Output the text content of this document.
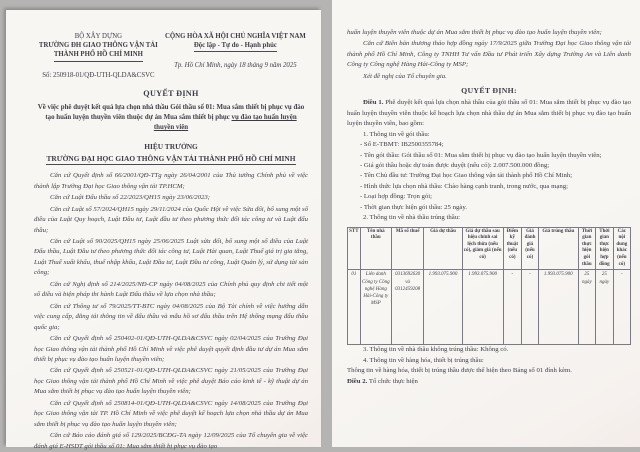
BỘ XÂY DỰNG
TRƯỜNG ĐH GIAO THÔNG VẬN TẢI
THÀNH PHỐ HỒ CHÍ MINH
Số: 250918-01/QĐ-UTH-QLDA&CSVC
CỘNG HÒA XÃ HỘI CHỦ NGHĨA VIỆT NAM
Độc lập - Tự do - Hạnh phúc
Tp. Hồ Chí Minh, ngày 18 tháng 9 năm 2025
QUYẾT ĐỊNH
Về việc phê duyệt kết quả lựa chọn nhà thầu Gói thầu số 01: Mua sắm thiết bị phục vụ đào tạo huấn luyện thuyền viên thuộc dự án Mua sắm thiết bị phục vụ đào tạo huấn luyện thuyền viên
HIỆU TRƯỞNG
TRƯỜNG ĐẠI HỌC GIAO THÔNG VẬN TẢI THÀNH PHỐ HỒ CHÍ MINH

Căn cứ Quyết định số 66/2001/QĐ-TTg ngày 26/04/2001 của Thủ tướng Chính phủ về việc thành lập Trường Đại học Giao thông vận tải TP.HCM;

Căn cứ Luật Đấu thầu số 22/2023/QH15 ngày 23/06/2023;

Căn cứ Luật số 57/2024/QH15 ngày 29/11/2024 của Quốc Hội về việc Sửa đổi, bổ sung một số điều của Luật Quy hoạch, Luật Đầu tư, Luật đầu tư theo phương thức đối tác công tư và Luật đấu thầu;

Căn cứ Luật số 90/2025/QH15 ngày 25/06/2025 Luật sửa đổi, bổ sung một số điều của Luật Đấu thầu, Luật Đầu tư theo phương thức đối tác công tư, Luật Hải quan, Luật Thuế giá trị gia tăng, Luật Thuế xuất khẩu, thuế nhập khẩu, Luật Đầu tư, Luật Đầu tư công, Luật Quản lý, sử dụng tài sản công;

Căn cứ Nghị định số 214/2025/NĐ-CP ngày 04/08/2025 của Chính phủ quy định chi tiết một số điều và biện pháp thi hành Luật Đấu thầu về lựa chọn nhà thầu;

Căn cứ Thông tư số 79/2025/TT-BTC ngày 04/08/2025 của Bộ Tài chính về việc hướng dẫn việc cung cấp, đăng tải thông tin về đấu thầu và mẫu hồ sơ đấu thầu trên Hệ thống mạng đấu thầu quốc gia;

Căn cứ Quyết định số 250402-01/QĐ-UTH-QLDA&CSVC ngày 02/04/2025 của Trường Đại học Giao thông vận tải thành phố Hồ Chí Minh về việc phê duyệt quyết định đầu tư dự án Mua sắm thiết bị phục vụ đào tạo huấn luyện thuyền viên;

Căn cứ Quyết định số 250521-01/QĐ-UTH-QLDA&CSVC ngày 21/05/2025 của Trường Đại học Giao thông vận tải thành phố Hồ Chí Minh về việc phê duyệt Báo cáo kinh tế - kỹ thuật dự án Mua sắm thiết bị phục vụ đào tạo huấn luyện thuyền viên;

Căn cứ Quyết định số 250814-01/QĐ-UTH-QLDA&CSVC ngày 14/08/2025 của Trường Đại học Giao thông vận tải TP. Hồ Chí Minh về việc phê duyệt kế hoạch lựa chọn nhà thầu dự án Mua sắm thiết bị phục vụ đào tạo huấn luyện thuyền viên;

Căn cứ Báo cáo đánh giá số 129/2025/BCĐG-TA ngày 12/09/2025 của Tổ chuyên gia về việc đánh giá E-HSDT gói thầu số 01: Mua sắm thiết bị phục vụ đào tạo

huấn luyện thuyền viên thuộc dự án Mua sắm thiết bị phục vụ đào tạo huấn luyện thuyền viên;

Căn cứ Biên bản thương thảo hợp đồng ngày 17/9/2025 giữa Trường Đại học Giao thông vận tải thành phố Hồ Chí Minh, Công ty TNHH Tư vấn Đầu tư Phát triển Xây dựng Trường An và Liên danh Công ty Công nghệ Hàng Hải-Công ty MSP;

Xét đề nghị của Tổ chuyên gia.

QUYẾT ĐỊNH:

Điều 1. Phê duyệt kết quả lựa chọn nhà thầu của gói thầu số 01: Mua sắm thiết bị phục vụ đào tạo huấn luyện thuyền viên thuộc kế hoạch lựa chọn nhà thầu dự án Mua sắm thiết bị phục vụ đào tạo huấn luyện thuyền viên, bao gồm:

1. Thông tin về gói thầu:

- Số E-TBMT: IB2500355784;

- Tên gói thầu: Gói thầu số 01: Mua sắm thiết bị phục vụ đào tạo huấn luyện thuyền viên;

- Giá gói thầu hoặc dự toán được duyệt (nếu có): 2.007.500.000 đồng;

- Tên Chủ đầu tư: Trường Đại học Giao thông vận tải thành phố Hồ Chí Minh;

- Hình thức lựa chọn nhà thầu: Chào hàng cạnh tranh, trong nước, qua mạng;

- Loại hợp đồng: Trọn gói;

- Thời gian thực hiện gói thầu: 25 ngày.

2. Thông tin về nhà thầu trúng thầu:

STT	Tên nhà thầu	Mã số thuế	Giá dự thầu	Giá dự thầu sau hiệu chỉnh sai lệch thừa (nếu có), giảm giá (nếu có)	Điểm kỹ thuật (nếu có)	Giá đánh giá (nếu có)	Giá trúng thầu	Thời gian thực hiện gói thầu	Thời gian thực hiện hợp đồng	Các nội dung khác (nếu có)
01	Liên danh Công ty Công nghệ Hàng Hải-Công ty MSP	0313692630 và 0312459208	1.993.075.900	1.993.075.900	-	-	1.993.075.900	25 ngày	25 ngày	-

3. Thông tin về nhà thầu không trúng thầu: Không có.

4. Thông tin về hàng hóa, thiết bị trúng thầu:

Thông tin về hàng hóa, thiết bị trúng thầu được thể hiện theo Bảng số 01 đính kèm.

Điều 2. Tổ chức thực hiện
